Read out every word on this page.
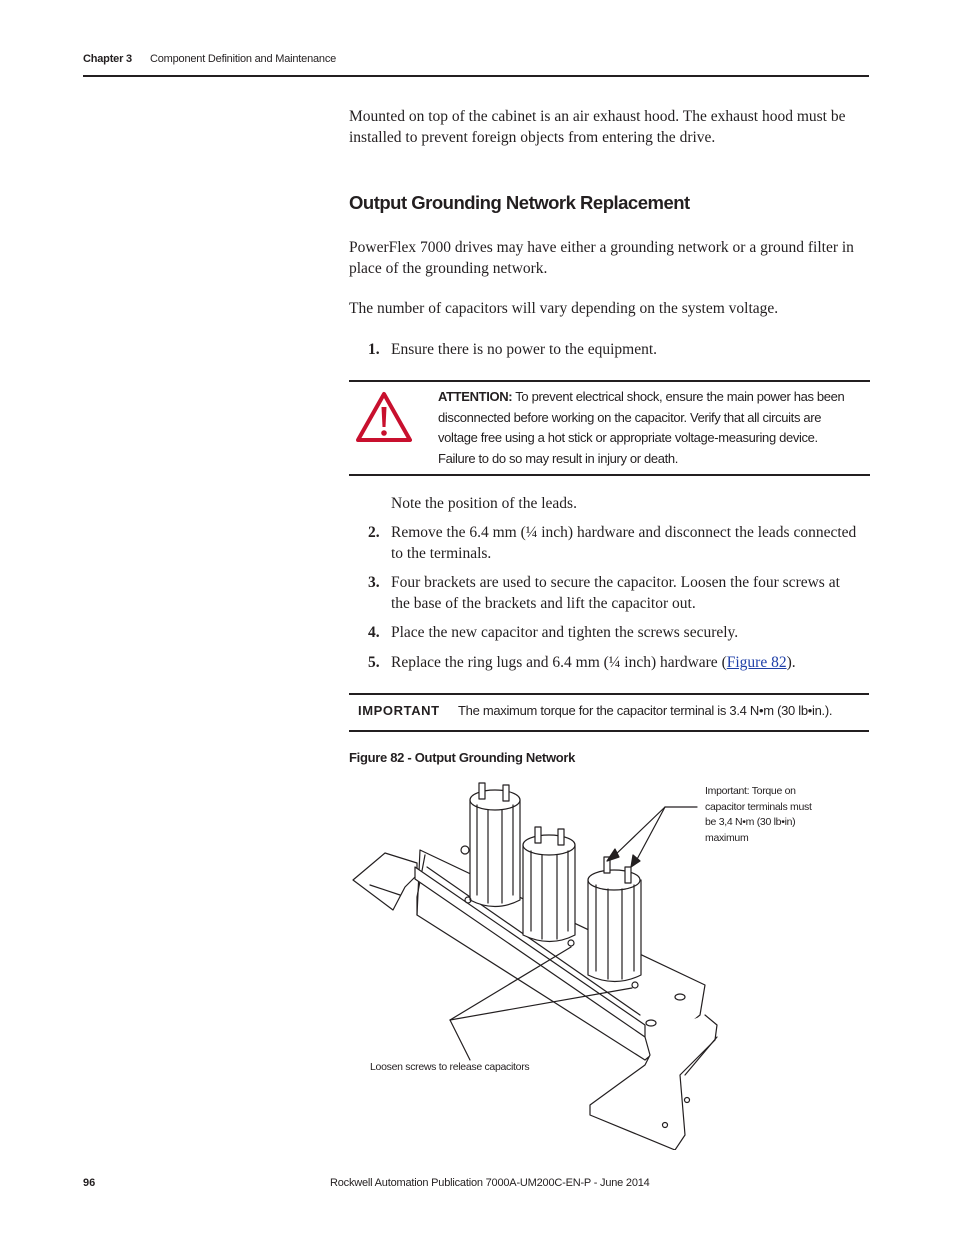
Chapter 3 Component Definition and Maintenance
Mounted on top of the cabinet is an air exhaust hood. The exhaust hood must be installed to prevent foreign objects from entering the drive.
Output Grounding Network Replacement
PowerFlex 7000 drives may have either a grounding network or a ground filter in place of the grounding network.
The number of capacitors will vary depending on the system voltage.
1. Ensure there is no power to the equipment.
ATTENTION: To prevent electrical shock, ensure the main power has been disconnected before working on the capacitor. Verify that all circuits are voltage free using a hot stick or appropriate voltage-measuring device. Failure to do so may result in injury or death.
Note the position of the leads.
2. Remove the 6.4 mm (¼ inch) hardware and disconnect the leads connected to the terminals.
3. Four brackets are used to secure the capacitor. Loosen the four screws at the base of the brackets and lift the capacitor out.
4. Place the new capacitor and tighten the screws securely.
5. Replace the ring lugs and 6.4 mm (¼ inch) hardware (Figure 82).
IMPORTANT The maximum torque for the capacitor terminal is 3.4 N•m (30 lb•in.).
Figure 82 - Output Grounding Network
Important: Torque on
capacitor terminals must
be 3,4 N•m (30 lb•in)
maximum
Loosen screws to release capacitors
96	Rockwell Automation Publication 7000A-UM200C-EN-P - June 2014
